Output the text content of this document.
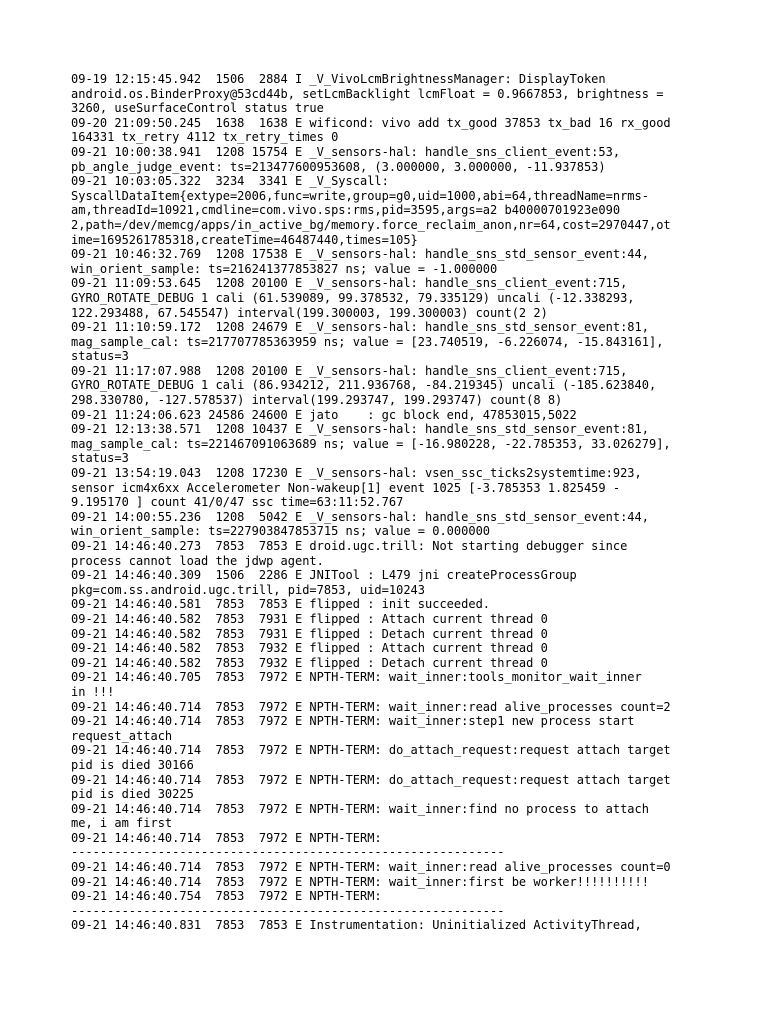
09-19 12:15:45.942  1506  2884 I _V_VivoLcmBrightnessManager: DisplayToken
android.os.BinderProxy@53cd44b, setLcmBacklight lcmFloat = 0.9667853, brightness =
3260, useSurfaceControl status true
09-20 21:09:50.245  1638  1638 E wificond: vivo add tx_good 37853 tx_bad 16 rx_good
164331 tx_retry 4112 tx_retry_times 0
09-21 10:00:38.941  1208 15754 E _V_sensors-hal: handle_sns_client_event:53,
pb_angle_judge_event: ts=213477600953608, (3.000000, 3.000000, -11.937853)
09-21 10:03:05.322  3234  3341 E _V_Syscall:
SyscallDataItem{extype=2006,func=write,group=g0,uid=1000,abi=64,threadName=nrms-
am,threadId=10921,cmdline=com.vivo.sps:rms,pid=3595,args=a2 b40000701923e090
2,path=/dev/memcg/apps/in_active_bg/memory.force_reclaim_anon,nr=64,cost=2970447,ot
ime=1695261785318,createTime=46487440,times=105}
09-21 10:46:32.769  1208 17538 E _V_sensors-hal: handle_sns_std_sensor_event:44,
win_orient_sample: ts=216241377853827 ns; value = -1.000000
09-21 11:09:53.645  1208 20100 E _V_sensors-hal: handle_sns_client_event:715,
GYRO_ROTATE_DEBUG 1 cali (61.539089, 99.378532, 79.335129) uncali (-12.338293,
122.293488, 67.545547) interval(199.300003, 199.300003) count(2 2)
09-21 11:10:59.172  1208 24679 E _V_sensors-hal: handle_sns_std_sensor_event:81,
mag_sample_cal: ts=217707785363959 ns; value = [23.740519, -6.226074, -15.843161],
status=3
09-21 11:17:07.988  1208 20100 E _V_sensors-hal: handle_sns_client_event:715,
GYRO_ROTATE_DEBUG 1 cali (86.934212, 211.936768, -84.219345) uncali (-185.623840,
298.330780, -127.578537) interval(199.293747, 199.293747) count(8 8)
09-21 11:24:06.623 24586 24600 E jato    : gc block end, 47853015,5022
09-21 12:13:38.571  1208 10437 E _V_sensors-hal: handle_sns_std_sensor_event:81,
mag_sample_cal: ts=221467091063689 ns; value = [-16.980228, -22.785353, 33.026279],
status=3
09-21 13:54:19.043  1208 17230 E _V_sensors-hal: vsen_ssc_ticks2systemtime:923,
sensor icm4x6xx Accelerometer Non-wakeup[1] event 1025 [-3.785353 1.825459 -
9.195170 ] count 41/0/47 ssc time=63:11:52.767
09-21 14:00:55.236  1208  5042 E _V_sensors-hal: handle_sns_std_sensor_event:44,
win_orient_sample: ts=227903847853715 ns; value = 0.000000
09-21 14:46:40.273  7853  7853 E droid.ugc.trill: Not starting debugger since
process cannot load the jdwp agent.
09-21 14:46:40.309  1506  2286 E JNITool : L479 jni createProcessGroup
pkg=com.ss.android.ugc.trill, pid=7853, uid=10243
09-21 14:46:40.581  7853  7853 E flipped : init succeeded.
09-21 14:46:40.582  7853  7931 E flipped : Attach current thread 0
09-21 14:46:40.582  7853  7931 E flipped : Detach current thread 0
09-21 14:46:40.582  7853  7932 E flipped : Attach current thread 0
09-21 14:46:40.582  7853  7932 E flipped : Detach current thread 0
09-21 14:46:40.705  7853  7972 E NPTH-TERM: wait_inner:tools_monitor_wait_inner
in !!!
09-21 14:46:40.714  7853  7972 E NPTH-TERM: wait_inner:read alive_processes count=2
09-21 14:46:40.714  7853  7972 E NPTH-TERM: wait_inner:step1 new process start
request_attach
09-21 14:46:40.714  7853  7972 E NPTH-TERM: do_attach_request:request attach target
pid is died 30166
09-21 14:46:40.714  7853  7972 E NPTH-TERM: do_attach_request:request attach target
pid is died 30225
09-21 14:46:40.714  7853  7972 E NPTH-TERM: wait_inner:find no process to attach
me, i am first
09-21 14:46:40.714  7853  7972 E NPTH-TERM:
------------------------------------------------------------
09-21 14:46:40.714  7853  7972 E NPTH-TERM: wait_inner:read alive_processes count=0
09-21 14:46:40.714  7853  7972 E NPTH-TERM: wait_inner:first be worker!!!!!!!!!!
09-21 14:46:40.754  7853  7972 E NPTH-TERM:
------------------------------------------------------------
09-21 14:46:40.831  7853  7853 E Instrumentation: Uninitialized ActivityThread,
